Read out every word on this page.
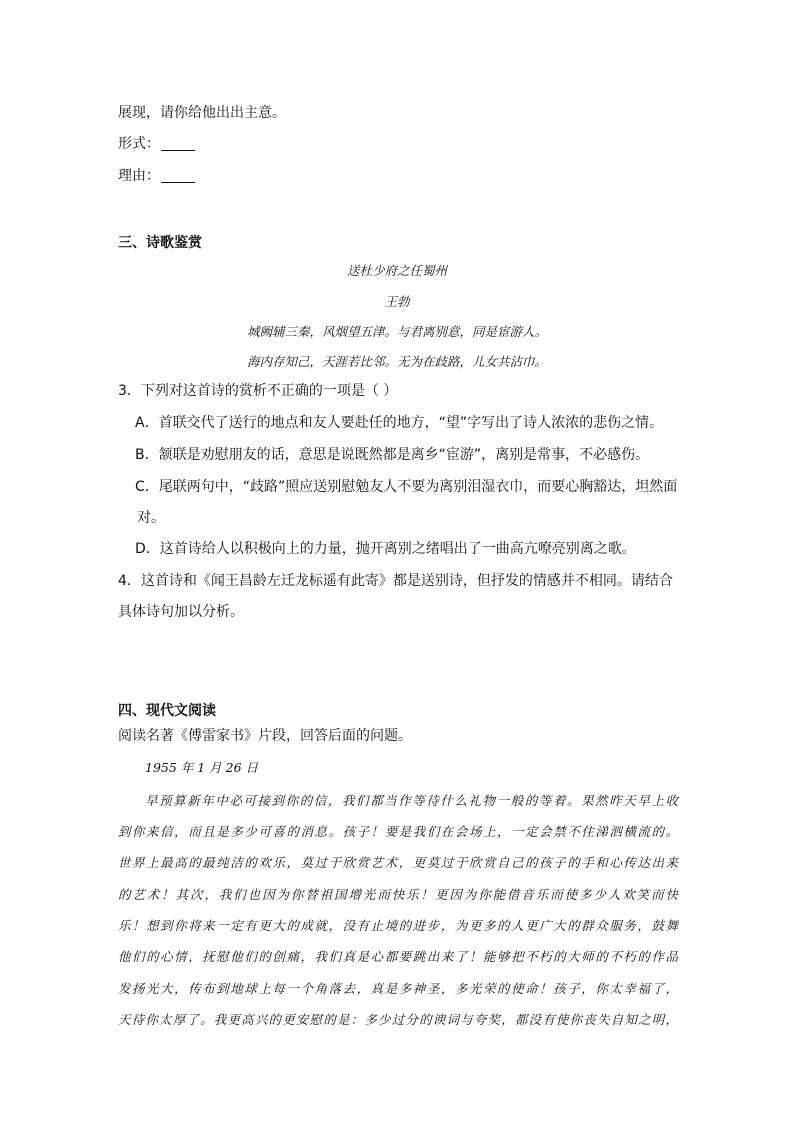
展现，请你给他出出主意。
形式：
理由：
三、诗歌鉴赏
送杜少府之任蜀州
王勃
城阙辅三秦，风烟望五津。与君离别意，同是宦游人。
海内存知己，天涯若比邻。无为在歧路，儿女共沾巾。
3．下列对这首诗的赏析不正确的一项是（ ）
A．首联交代了送行的地点和友人要赴任的地方，“望”字写出了诗人浓浓的悲伤之情。
B．颔联是劝慰朋友的话，意思是说既然都是离乡“宦游”，离别是常事，不必感伤。
C．尾联两句中，“歧路”照应送别慰勉友人不要为离别泪湿衣巾，而要心胸豁达，坦然面
对。
D．这首诗给人以积极向上的力量，抛开离别之绪唱出了一曲高亢嘹亮别离之歌。
4．这首诗和《闻王昌龄左迁龙标遥有此寄》都是送别诗，但抒发的情感并不相同。请结合
具体诗句加以分析。
四、现代文阅读
阅读名著《傅雷家书》片段，回答后面的问题。
1955 年 1 月 26 日
早预算新年中必可接到你的信，我们都当作等待什么礼物一般的等着。果然昨天早上收
到你来信，而且是多少可喜的消息。孩子！要是我们在会场上，一定会禁不住涕泗横流的。
世界上最高的最纯洁的欢乐，莫过于欣赏艺术，更莫过于欣赏自己的孩子的手和心传达出来
的艺术！其次，我们也因为你替祖国增光而快乐！更因为你能借音乐而使多少人欢笑而快
乐！想到你将来一定有更大的成就，没有止境的进步，为更多的人更广大的群众服务，鼓舞
他们的心情，抚慰他们的创痛，我们真是心都要跳出来了！能够把不朽的大师的不朽的作品
发扬光大，传布到地球上每一个角落去，真是多神圣，多光荣的使命！孩子，你太幸福了，
天待你太厚了。我更高兴的更安慰的是：多少过分的谀词与夸奖，都没有使你丧失自知之明，
